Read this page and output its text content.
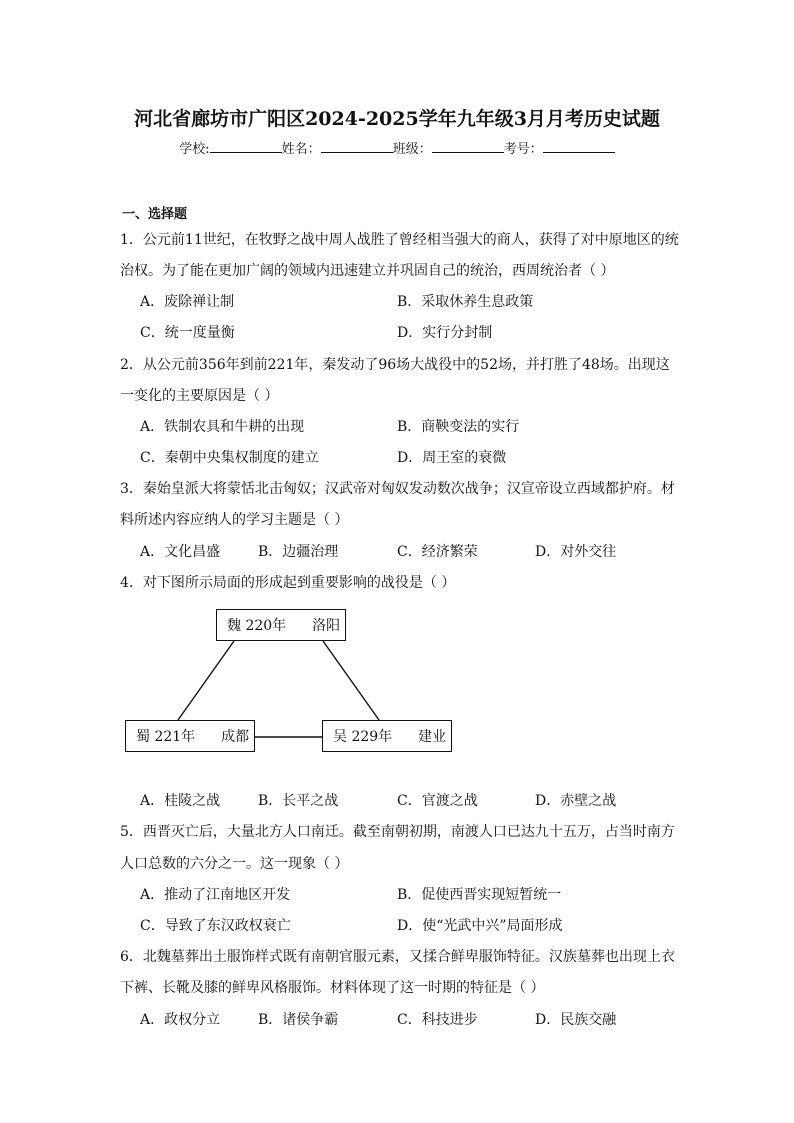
河北省廊坊市广阳区2024-2025学年九年级3月月考历史试题
学校:	姓名：	班级：	考号：
一、选择题
1．公元前11世纪，在牧野之战中周人战胜了曾经相当强大的商人，获得了对中原地区的统
治权。为了能在更加广阔的领域内迅速建立并巩固自己的统治，西周统治者（ ）
A．废除禅让制	B．采取休养生息政策
C．统一度量衡	D．实行分封制
2．从公元前356年到前221年，秦发动了96场大战役中的52场，并打胜了48场。出现这
一变化的主要原因是（ ）
A．铁制农具和牛耕的出现	B．商鞅变法的实行
C．秦朝中央集权制度的建立	D．周王室的衰微
3．秦始皇派大将蒙恬北击匈奴；汉武帝对匈奴发动数次战争；汉宣帝设立西域都护府。材
料所述内容应纳人的学习主题是（ ）
A．文化昌盛	B．边疆治理	C．经济繁荣	D．对外交往
4．对下图所示局面的形成起到重要影响的战役是（ ）
魏 220年 洛阳
蜀 221年 成都	吴 229年 建业
A．桂陵之战	B．长平之战	C．官渡之战	D．赤壁之战
5．西晋灭亡后，大量北方人口南迁。截至南朝初期，南渡人口已达九十五万，占当时南方
人口总数的六分之一。这一现象（ ）
A．推动了江南地区开发	B．促使西晋实现短暂统一
C．导致了东汉政权衰亡	D．使“光武中兴”局面形成
6．北魏墓葬出土服饰样式既有南朝官服元素，又揉合鲜卑服饰特征。汉族墓葬也出现上衣
下裤、长靴及膝的鲜卑风格服饰。材料体现了这一时期的特征是（ ）
A．政权分立	B．诸侯争霸	C．科技进步	D．民族交融
